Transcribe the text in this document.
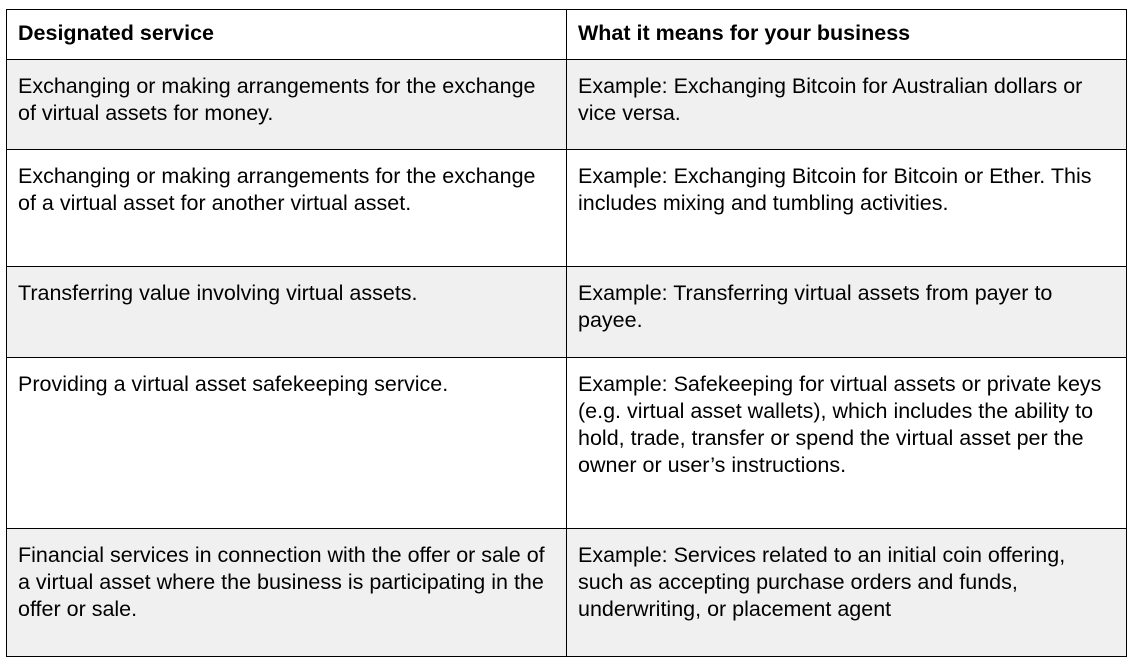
Designated service	What it means for your business
Exchanging or making arrangements for the exchange of virtual assets for money.	Example: Exchanging Bitcoin for Australian dollars or vice versa.
Exchanging or making arrangements for the exchange of a virtual asset for another virtual asset.	Example: Exchanging Bitcoin for Bitcoin or Ether. This includes mixing and tumbling activities.
Transferring value involving virtual assets.	Example: Transferring virtual assets from payer to payee.
Providing a virtual asset safekeeping service.	Example: Safekeeping for virtual assets or private keys (e.g. virtual asset wallets), which includes the ability to hold, trade, transfer or spend the virtual asset per the owner or user’s instructions.
Financial services in connection with the offer or sale of a virtual asset where the business is participating in the offer or sale.	Example: Services related to an initial coin offering, such as accepting purchase orders and funds, underwriting, or placement agent
